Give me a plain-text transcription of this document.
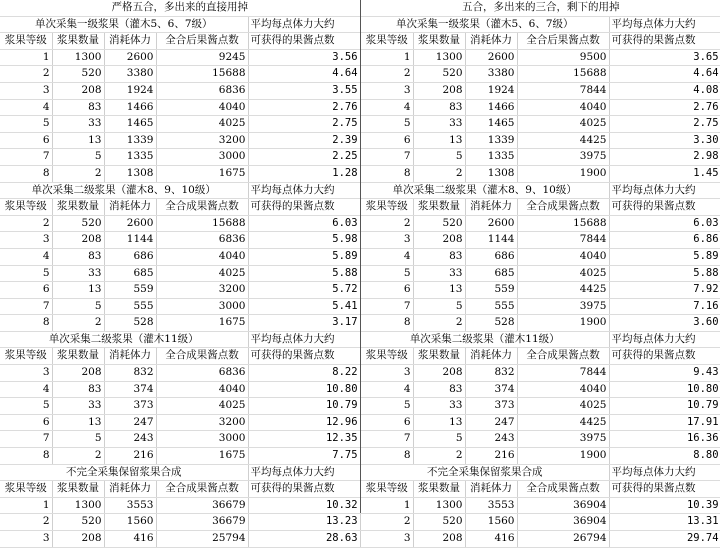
严格五合，多出来的直接用掉				
单次采集一级浆果（灌木5、6、7级）				平均每点体力大约
浆果等级	浆果数量	消耗体力	全合后果酱点数	可获得的果酱点数
1	1300	2600	9245	3.56
2	520	3380	15688	4.64
3	208	1924	6836	3.55
4	83	1466	4040	2.76
5	33	1465	4025	2.75
6	13	1339	3200	2.39
7	5	1335	3000	2.25
8	2	1308	1675	1.28
单次采集二级浆果（灌木8、9、10级）				平均每点体力大约
浆果等级	浆果数量	消耗体力	全合成果酱点数	可获得的果酱点数
2	520	2600	15688	6.03
3	208	1144	6836	5.98
4	83	686	4040	5.89
5	33	685	4025	5.88
6	13	559	3200	5.72
7	5	555	3000	5.41
8	2	528	1675	3.17
单次采集二级浆果（灌木11级）				平均每点体力大约
浆果等级	浆果数量	消耗体力	全合成果酱点数	可获得的果酱点数
3	208	832	6836	8.22
4	83	374	4040	10.80
5	33	373	4025	10.79
6	13	247	3200	12.96
7	5	243	3000	12.35
8	2	216	1675	7.75
不完全采集保留浆果合成				平均每点体力大约
浆果等级	浆果数量	消耗体力	全合成果酱点数	可获得的果酱点数
1	1300	3553	36679	10.32
2	520	1560	36679	13.23
3	208	416	25794	28.63
五合，多出来的三合，剩下的用掉				
单次采集一级浆果（灌木5、6、7级）				平均每点体力大约
浆果等级	浆果数量	消耗体力	全合后果酱点数	可获得的果酱点数
1	1300	2600	9500	3.65
2	520	3380	15688	4.64
3	208	1924	7844	4.08
4	83	1466	4040	2.76
5	33	1465	4025	2.75
6	13	1339	4425	3.30
7	5	1335	3975	2.98
8	2	1308	1900	1.45
单次采集二级浆果（灌木8、9、10级）				平均每点体力大约
浆果等级	浆果数量	消耗体力	全合成果酱点数	可获得的果酱点数
2	520	2600	15688	6.03
3	208	1144	7844	6.86
4	83	686	4040	5.89
5	33	685	4025	5.88
6	13	559	4425	7.92
7	5	555	3975	7.16
8	2	528	1900	3.60
单次采集二级浆果（灌木11级）				平均每点体力大约
浆果等级	浆果数量	消耗体力	全合成果酱点数	可获得的果酱点数
3	208	832	7844	9.43
4	83	374	4040	10.80
5	33	373	4025	10.79
6	13	247	4425	17.91
7	5	243	3975	16.36
8	2	216	1900	8.80
不完全采集保留浆果合成				平均每点体力大约
浆果等级	浆果数量	消耗体力	全合成果酱点数	可获得的果酱点数
1	1300	3553	36904	10.39
2	520	1560	36904	13.31
3	208	416	26794	29.74
